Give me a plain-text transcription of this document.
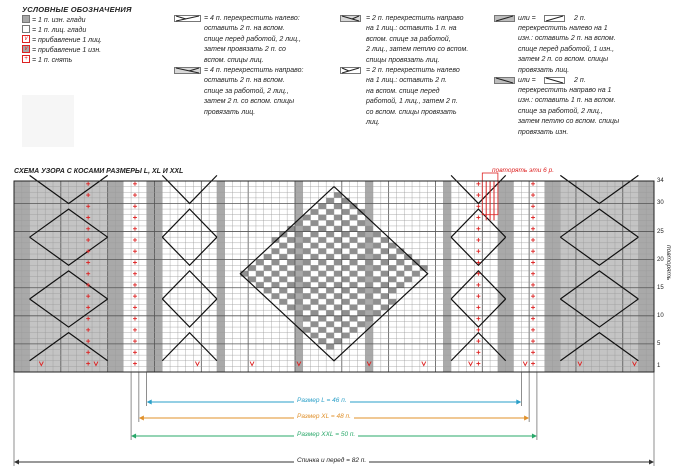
УСЛОВНЫЕ ОБОЗНАЧЕНИЯ
= 1 п. изн. глади
= 1 п. лиц. глади
v = прибавление 1 лиц.
v = прибавление 1 изн.
+ = 1 п. снять
= 4 п. перекрестить налево:
оставить 2 п. на вспом.
спице перед работой, 2 лиц.,
затем провязать 2 п. со
вспом. спицы лиц.
= 4 п. перекрестить направо:
оставить 2 п. на вспом.
спице за работой, 2 лиц.,
затем 2 п. со вспом. спицы
провязать лиц.
= 2 п. перекрестить направо
на 1 лиц.: оставить 1 п. на
вспом. спице за работой,
2 лиц., затем петлю со вспом.
спицы провязать лиц.
= 2 п. перекрестить налево
на 1 лиц.: оставить 2 п.
на вспом. спице перед
работой, 1 лиц., затем 2 п.
со вспом. спицы провязать
лиц.
или =	2 п.
перекрестить налево на 1
изн.: оставить 2 п. на вспом.
спице перед работой, 1 изн.,
затем 2 п. со вспом. спицы
провязать лиц.
или =	2 п.
перекрестить направо на 1
изн.: оставить 1 п. на вспом.
спице за работой, 2 лиц.,
затем петлю со вспом. спицы
провязать изн.
СХЕМА УЗОРА С КОСАМИ РАЗМЕРЫ L, XL И XXL	повторять эти 6 р.
повторять
34
30
25
20
15
10
5
1
Размер L = 46 п.
Размер XL = 48 п.
Размер XXL = 50 п.
Спинка и перед = 82 п.
